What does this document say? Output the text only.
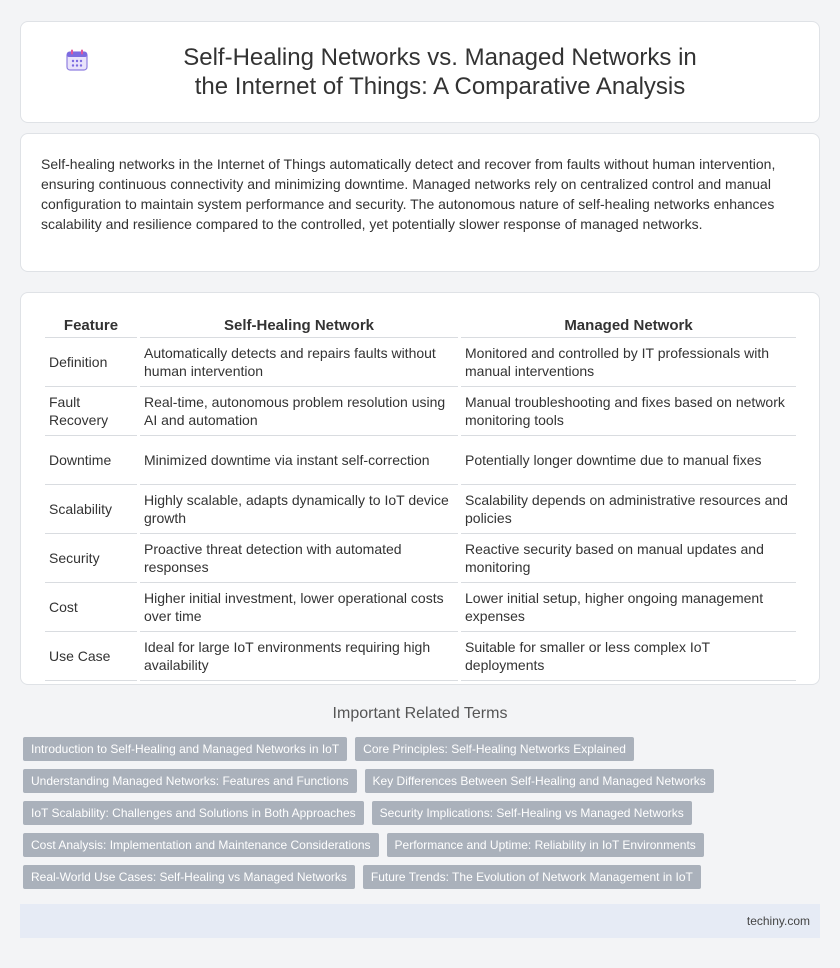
Self-Healing Networks vs. Managed Networks in the Internet of Things: A Comparative Analysis

Self-healing networks in the Internet of Things automatically detect and recover from faults without human intervention, ensuring continuous connectivity and minimizing downtime. Managed networks rely on centralized control and manual configuration to maintain system performance and security. The autonomous nature of self-healing networks enhances scalability and resilience compared to the controlled, yet potentially slower response of managed networks.

Feature	Self-Healing Network	Managed Network
Definition	Automatically detects and repairs faults without human intervention	Monitored and controlled by IT professionals with manual interventions
Fault Recovery	Real-time, autonomous problem resolution using AI and automation	Manual troubleshooting and fixes based on network monitoring tools
Downtime	Minimized downtime via instant self-correction	Potentially longer downtime due to manual fixes
Scalability	Highly scalable, adapts dynamically to IoT device growth	Scalability depends on administrative resources and policies
Security	Proactive threat detection with automated responses	Reactive security based on manual updates and monitoring
Cost	Higher initial investment, lower operational costs over time	Lower initial setup, higher ongoing management expenses
Use Case	Ideal for large IoT environments requiring high availability	Suitable for smaller or less complex IoT deployments
Important Related Terms
Introduction to Self-Healing and Managed Networks in IoT	Core Principles: Self-Healing Networks Explained
Understanding Managed Networks: Features and Functions	Key Differences Between Self-Healing and Managed Networks
IoT Scalability: Challenges and Solutions in Both Approaches	Security Implications: Self-Healing vs Managed Networks
Cost Analysis: Implementation and Maintenance Considerations	Performance and Uptime: Reliability in IoT Environments
Real-World Use Cases: Self-Healing vs Managed Networks	Future Trends: The Evolution of Network Management in IoT
techiny.com
